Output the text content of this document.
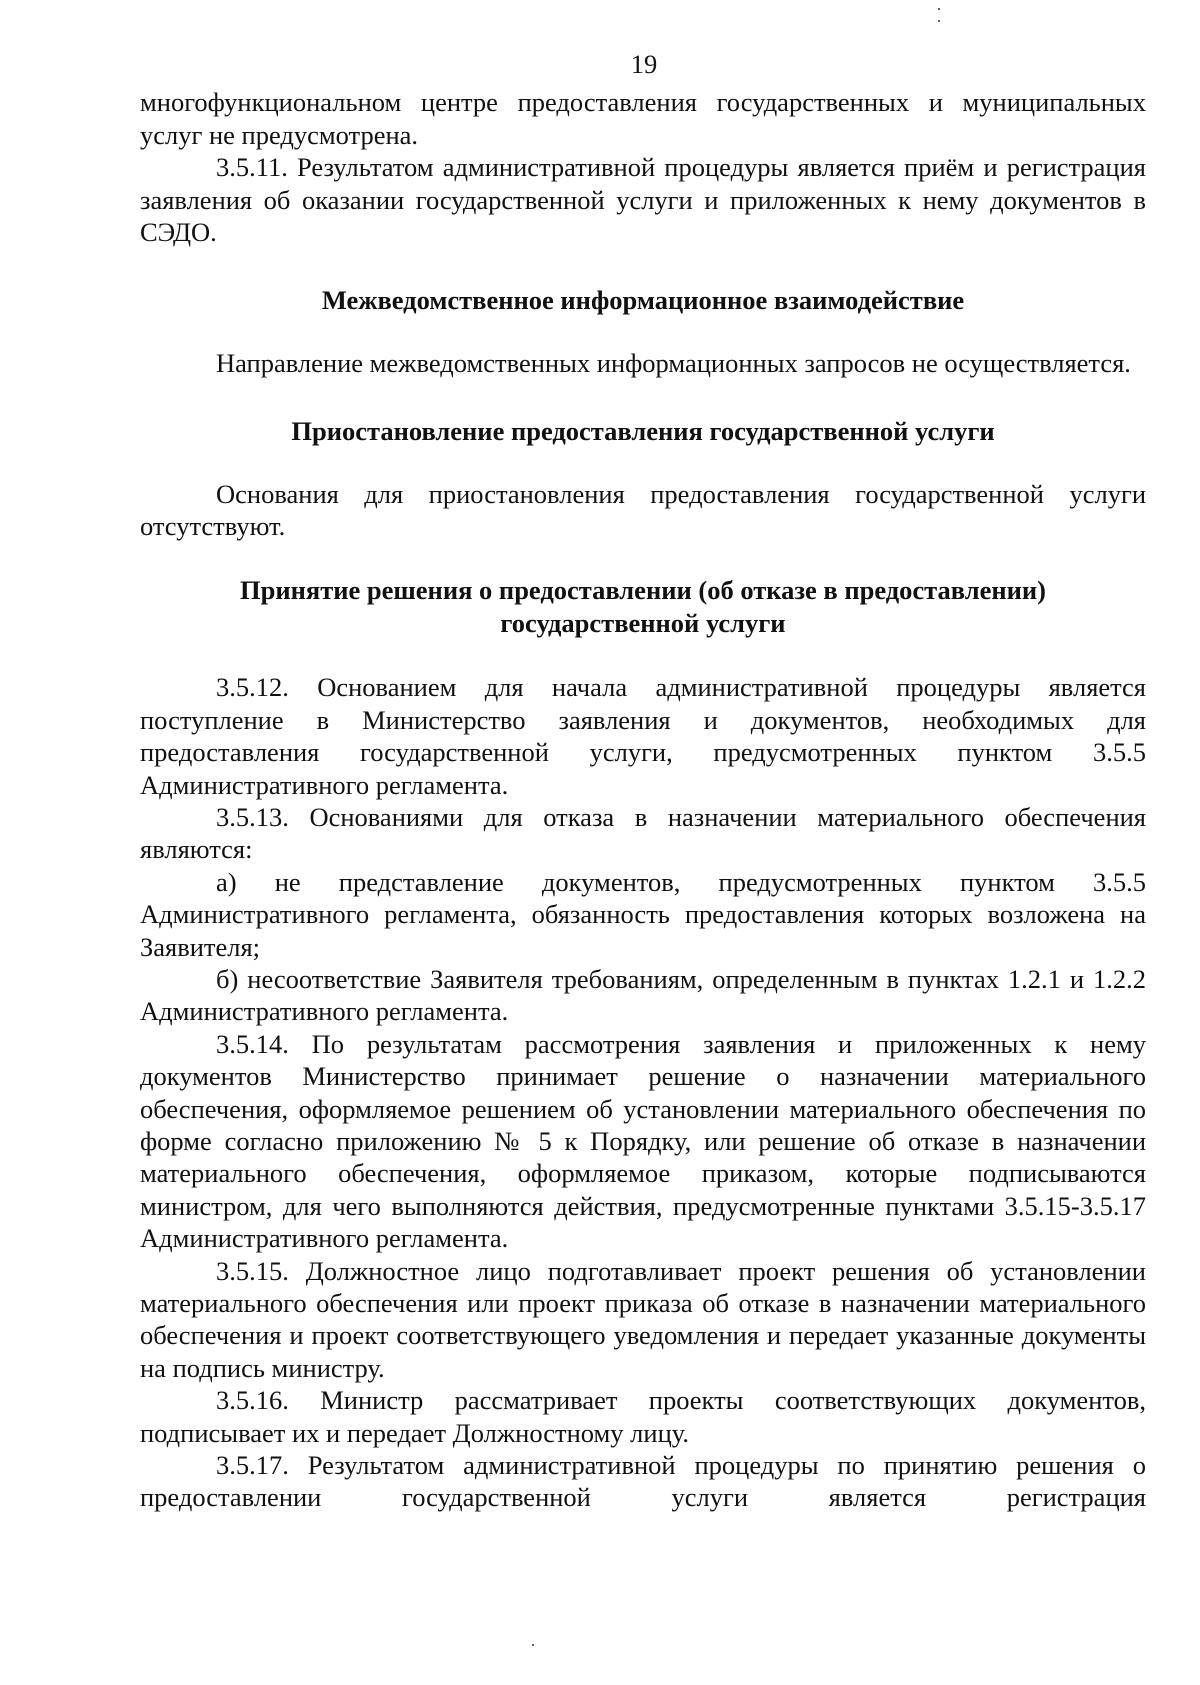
19

многофункциональном центре предоставления государственных и муниципальных услуг не предусмотрена.

3.5.11. Результатом административной процедуры является приём и регистрация заявления об оказании государственной услуги и приложенных к нему документов в СЭДО.

Межведомственное информационное взаимодействие

Направление межведомственных информационных запросов не осуществляется.

Приостановление предоставления государственной услуги

Основания для приостановления предоставления государственной услуги отсутствуют.

Принятие решения о предоставлении (об отказе в предоставлении)
государственной услуги

3.5.12. Основанием для начала административной процедуры является поступление в Министерство заявления и документов, необходимых для предоставления государственной услуги, предусмотренных пунктом 3.5.5 Административного регламента.

3.5.13. Основаниями для отказа в назначении материального обеспечения являются:

а) не представление документов, предусмотренных пунктом 3.5.5 Административного регламента, обязанность предоставления которых возложена на Заявителя;

б) несоответствие Заявителя требованиям, определенным в пунктах 1.2.1 и 1.2.2 Административного регламента.

3.5.14. По результатам рассмотрения заявления и приложенных к нему документов Министерство принимает решение о назначении материального обеспечения, оформляемое решением об установлении материального обеспечения по форме согласно приложению № 5 к Порядку, или решение об отказе в назначении материального обеспечения, оформляемое приказом, которые подписываются министром, для чего выполняются действия, предусмотренные пунктами 3.5.15-3.5.17 Административного регламента.

3.5.15. Должностное лицо подготавливает проект решения об установлении материального обеспечения или проект приказа об отказе в назначении материального обеспечения и проект соответствующего уведомления и передает указанные документы на подпись министру.

3.5.16. Министр рассматривает проекты соответствующих документов, подписывает их и передает Должностному лицу.

3.5.17. Результатом административной процедуры по принятию решения о предоставлении государственной услуги является регистрация
